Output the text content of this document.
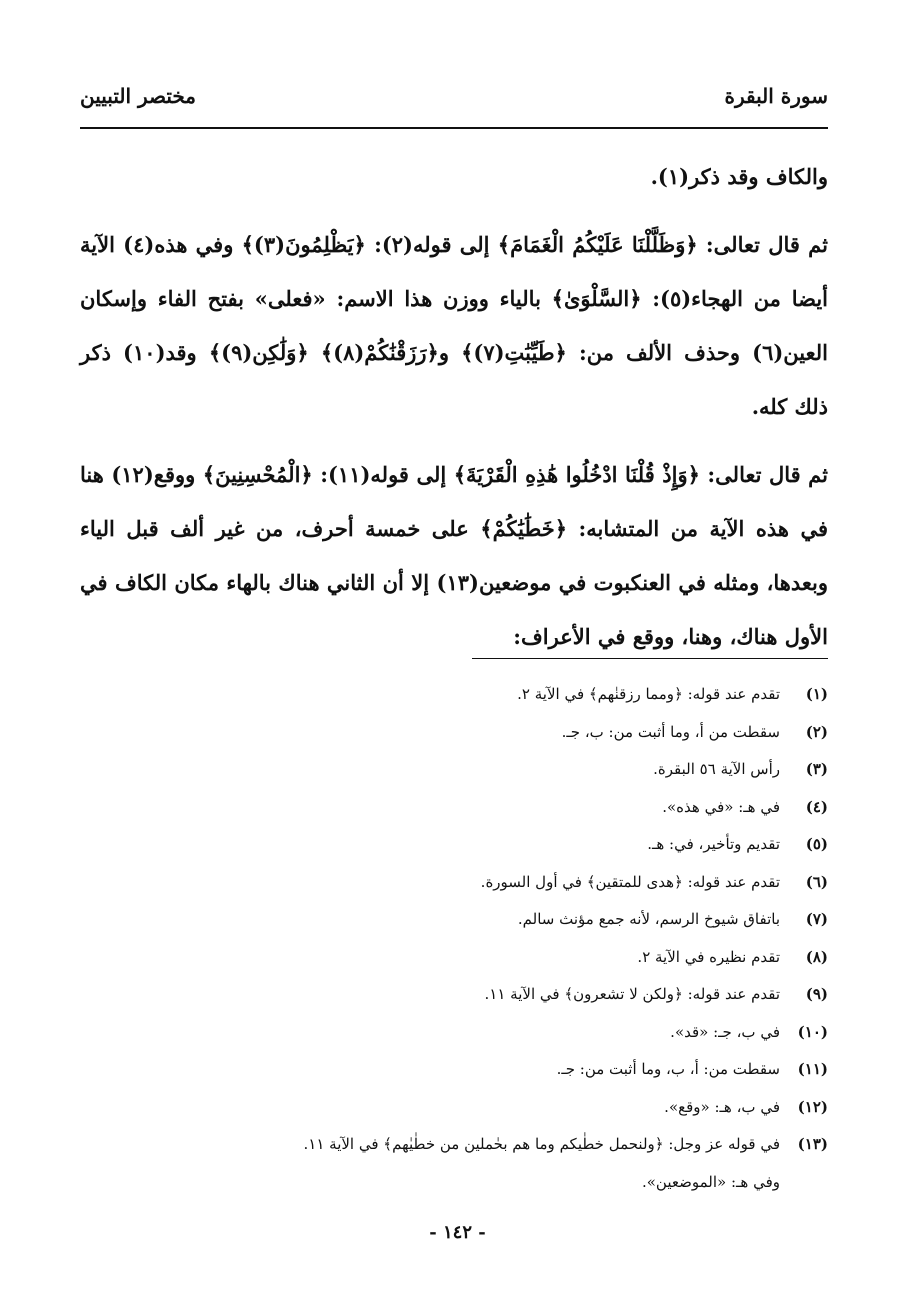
سورة البقرة
مختصر التبيين

والكاف وقد ذكر(١).

ثم قال تعالى: ﴿وَظَلَّلْنَا عَلَيْكُمُ الْغَمَامَ﴾ إلى قوله(٢): ﴿يَظْلِمُونَ(٣)﴾ وفي هذه(٤) الآية أيضا من الهجاء(٥): ﴿السَّلْوَىٰ﴾ بالياء ووزن هذا الاسم: «فعلى» بفتح الفاء وإسكان العين(٦) وحذف الألف من: ﴿طَيِّبَٰتِ(٧)﴾ و﴿رَزَقْنَٰكُمْ(٨)﴾ ﴿وَلَٰكِن(٩)﴾ وقد(١٠) ذكر ذلك كله.

ثم قال تعالى: ﴿وَإِذْ قُلْنَا ادْخُلُوا هَٰذِهِ الْقَرْيَةَ﴾ إلى قوله(١١): ﴿الْمُحْسِنِينَ﴾ ووقع(١٢) هنا في هذه الآية من المتشابه: ﴿خَطَٰيَٰكُمْ﴾ على خمسة أحرف، من غير ألف قبل الياء وبعدها، ومثله في العنكبوت في موضعين(١٣) إلا أن الثاني هناك بالهاء مكان الكاف في الأول هناك، وهنا، ووقع في الأعراف:

(١)تقدم عند قوله: ﴿ومما رزقنٰهم﴾ في الآية ٢.
(٢)سقطت من أ، وما أثبت من: ب، جـ.
(٣)رأس الآية ٥٦ البقرة.
(٤)في هـ: «في هذه».
(٥)تقديم وتأخير، في: هـ.
(٦)تقدم عند قوله: ﴿هدى للمتقين﴾ في أول السورة.
(٧)باتفاق شيوخ الرسم، لأنه جمع مؤنث سالم.
(٨)تقدم نظيره في الآية ٢.
(٩)تقدم عند قوله: ﴿ولكن لا تشعرون﴾ في الآية ١١.
(١٠)في ب، جـ: «قد».
(١١)سقطت من: أ، ب، وما أثبت من: جـ.
(١٢)في ب، هـ: «وقع».
(١٣)في قوله عز وجل: ﴿ولنحمل خطٰيكم وما هم بحٰملين من خطٰيٰهم﴾ في الآية ١١.
وفي هـ: «الموضعين».
- ١٤٢ -
